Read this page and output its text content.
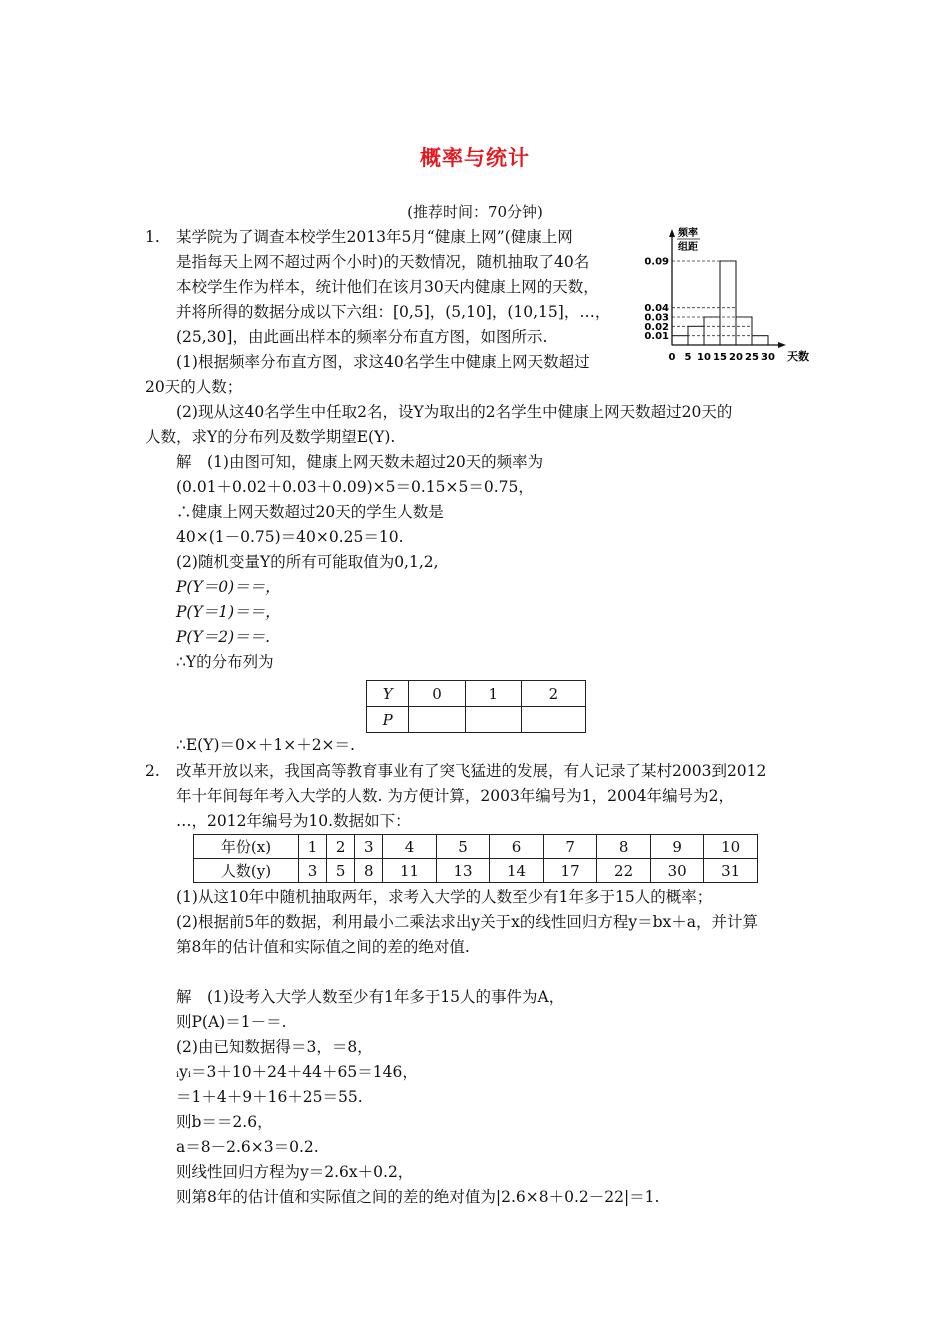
概率与统计
(推荐时间：70分钟)
1. 某学院为了调查本校学生2013年5月“健康上网”(健康上网
是指每天上网不超过两个小时)的天数情况，随机抽取了40名
本校学生作为样本，统计他们在该月30天内健康上网的天数，
并将所得的数据分成以下六组：[0,5]，(5,10]，(10,15]，…，
(25,30]，由此画出样本的频率分布直方图，如图所示.
(1)根据频率分布直方图，求这40名学生中健康上网天数超过
20天的人数；
(2)现从这40名学生中任取2名，设Y为取出的2名学生中健康上网天数超过20天的
人数，求Y的分布列及数学期望E(Y).
解　(1)由图可知，健康上网天数未超过20天的频率为
(0.01＋0.02＋0.03＋0.09)×5＝0.15×5＝0.75，
∴健康上网天数超过20天的学生人数是
40×(1－0.75)＝40×0.25＝10.
(2)随机变量Y的所有可能取值为0,1,2,
P(Y＝0)＝＝，
P(Y＝1)＝＝，
P(Y＝2)＝＝.
∴Y的分布列为
Y	0	1	2
P			
∴E(Y)＝0×＋1×＋2×＝.
0.01
0.02
0.03
0.04
0.09
0 5 10 15 20 25 30
频率
组距
天数
2. 改革开放以来，我国高等教育事业有了突飞猛进的发展，有人记录了某村2003到2012
年十年间每年考入大学的人数. 为方便计算，2003年编号为1，2004年编号为2，
…，2012年编号为10.数据如下：
年份(x)	1	2	3	4	5	6	7	8	9	10
人数(y)	3	5	8	11	13	14	17	22	30	31
(1)从这10年中随机抽取两年，求考入大学的人数至少有1年多于15人的概率；
(2)根据前5年的数据，利用最小二乘法求出y关于x的线性回归方程y＝bx＋a，并计算
第8年的估计值和实际值之间的差的绝对值.
解　(1)设考入大学人数至少有1年多于15人的事件为A，
则P(A)＝1－＝.
(2)由已知数据得＝3，＝8，
ᵢyᵢ＝3＋10＋24＋44＋65＝146，
＝1＋4＋9＋16＋25＝55.
则b＝＝2.6，
a＝8－2.6×3＝0.2.
则线性回归方程为y＝2.6x＋0.2，
则第8年的估计值和实际值之间的差的绝对值为|2.6×8＋0.2－22|＝1.
